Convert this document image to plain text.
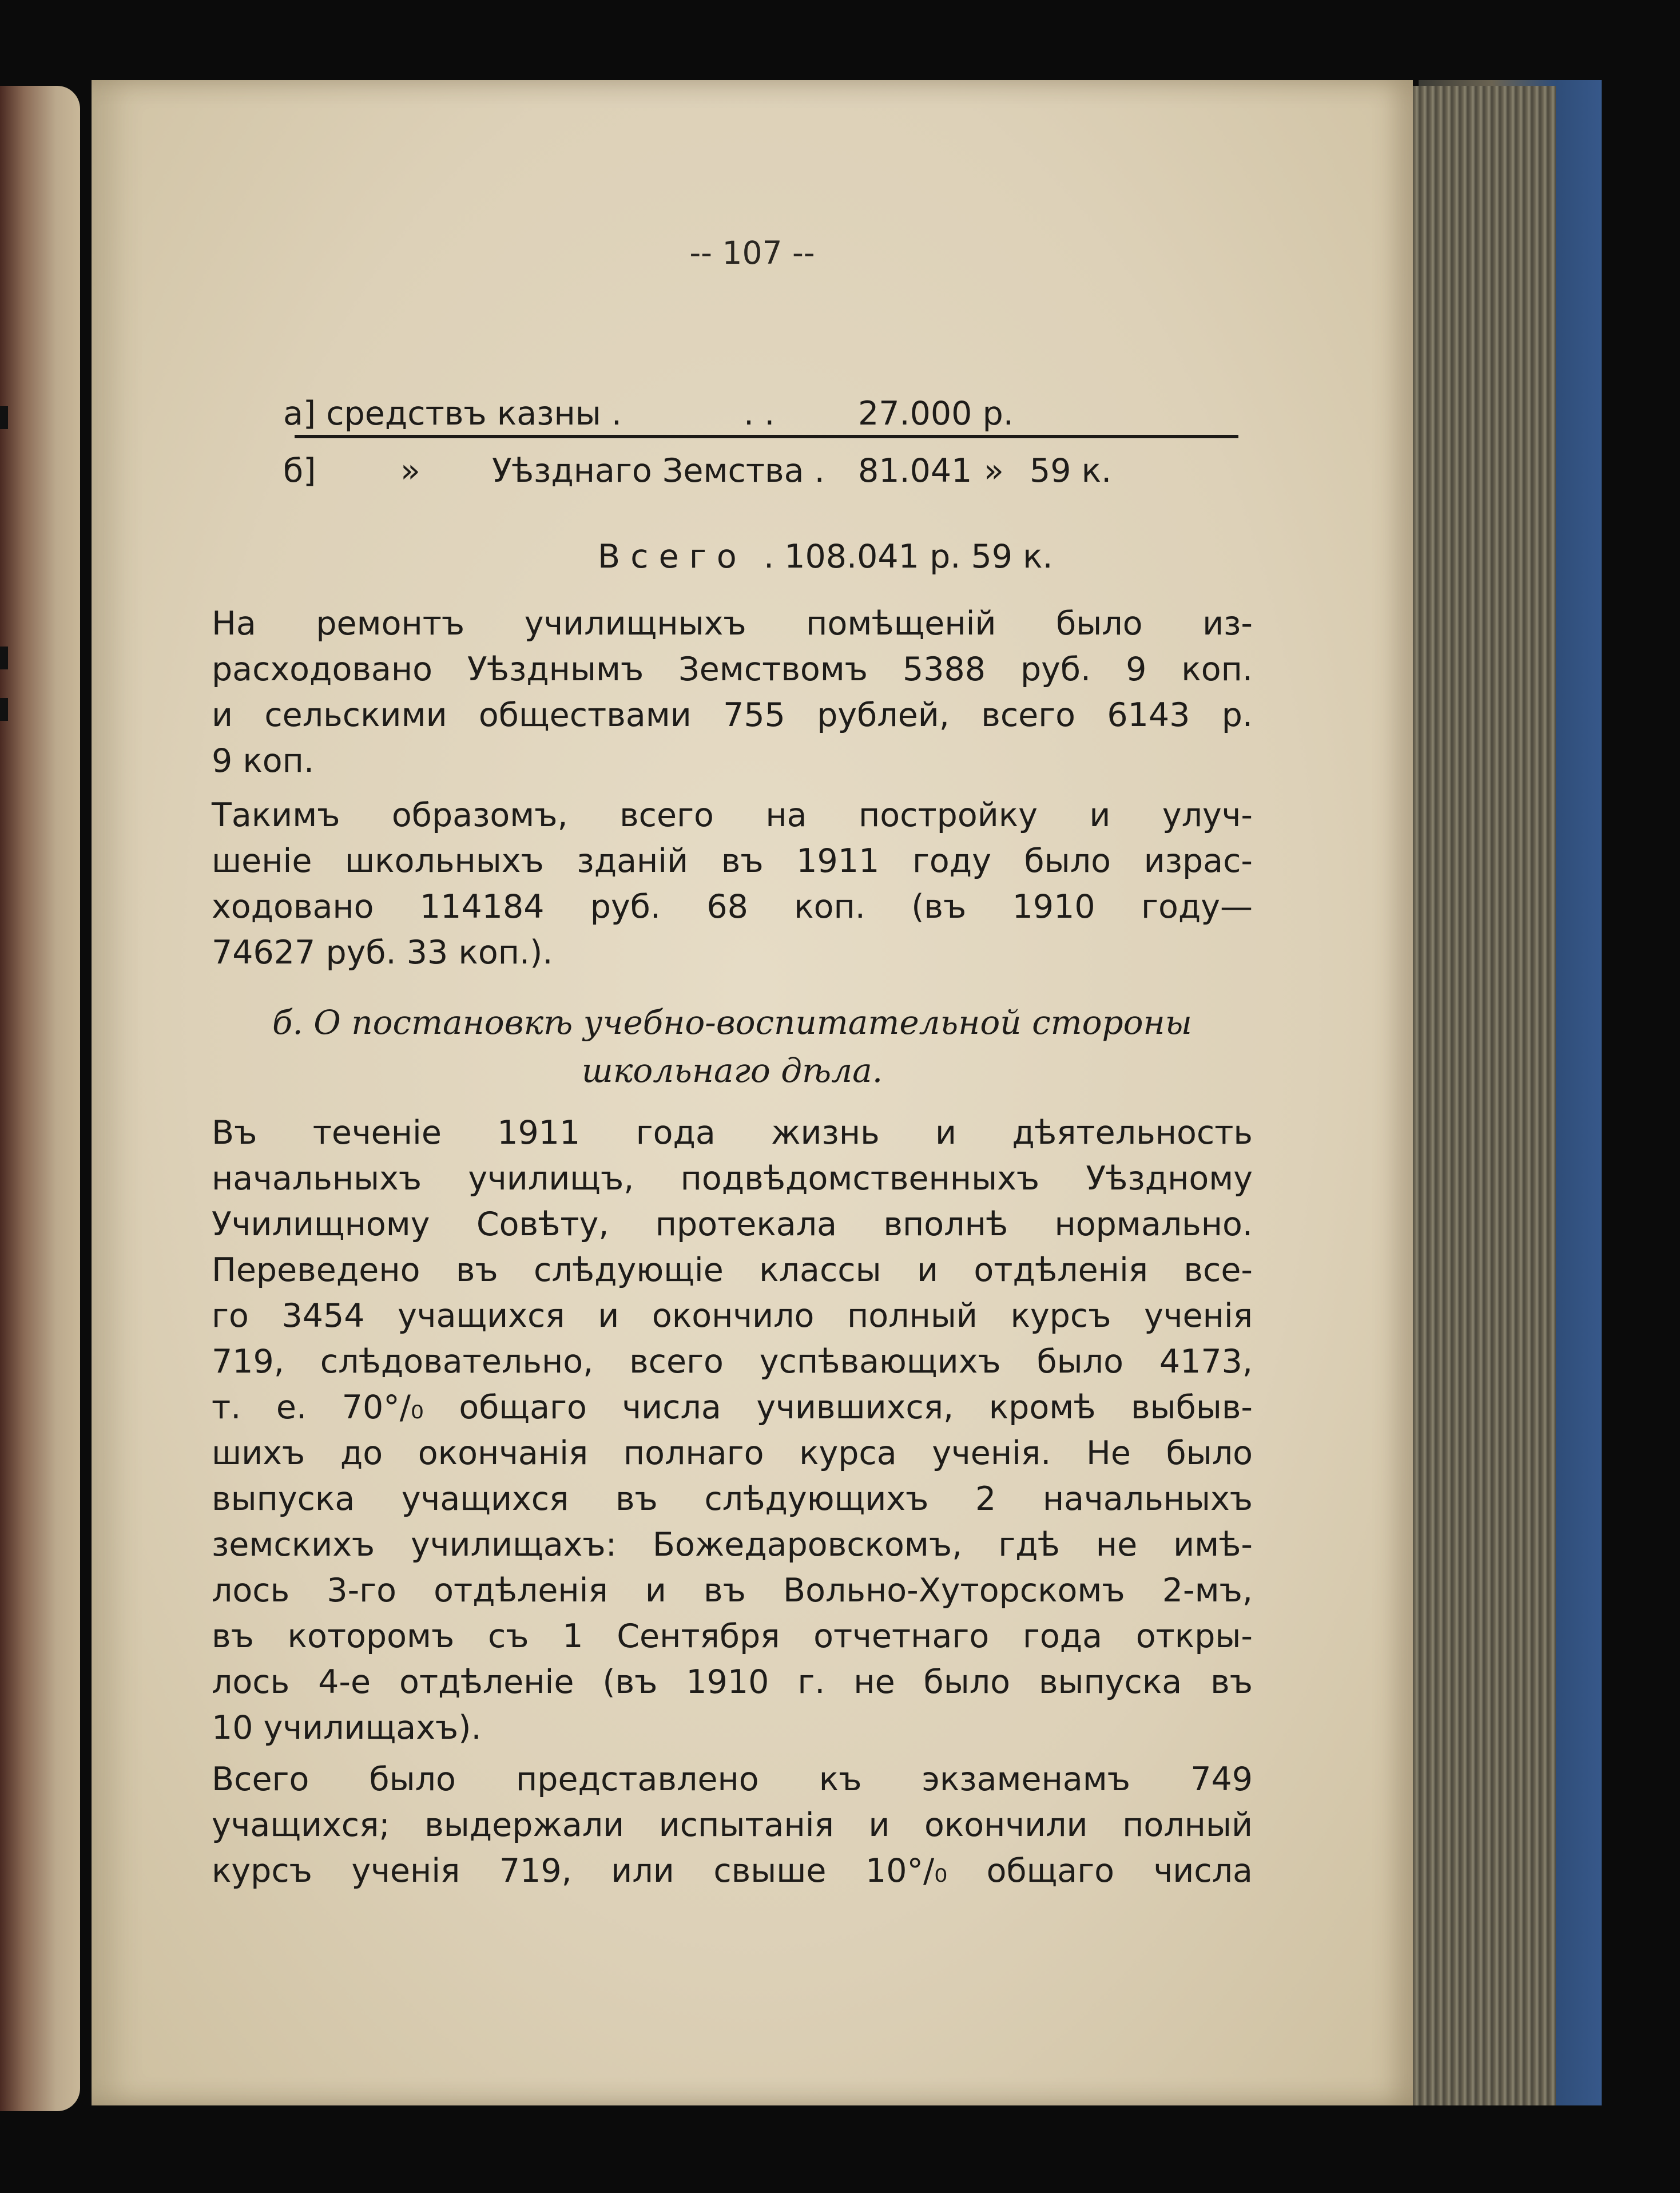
-- 107 --
а] средствъ казны .	. .	27.000 р.
б]	» Уѣзднаго Земства . 81.041 » 59 к.
В с е г о . 108.041 р. 59 к.
На ремонтъ училищныхъ помѣщеній было из-
расходовано Уѣзднымъ Земствомъ 5388 руб. 9 коп.
и сельскими обществами 755 рублей, всего 6143 р.
9 коп.
Такимъ образомъ, всего на постройку и улуч-
шеніе школьныхъ зданій въ 1911 году было израс-
ходовано 114184 руб. 68 коп. (въ 1910 году—
74627 руб. 33 коп.).
б. О постановкѣ учебно-воспитательной стороны
школьнаго дѣла.
Въ теченіе 1911 года жизнь и дѣятельность
начальныхъ училищъ, подвѣдомственныхъ Уѣздному
Училищному Совѣту, протекала вполнѣ нормально.
Переведено въ слѣдующіе классы и отдѣленія все-
го 3454 учащихся и окончило полный курсъ ученія
719, слѣдовательно, всего успѣвающихъ было 4173,
т. е. 70°/₀ общаго числа учившихся, кромѣ выбыв-
шихъ до окончанія полнаго курса ученія. Не было
выпуска учащихся въ слѣдующихъ 2 начальныхъ
земскихъ училищахъ: Божедаровскомъ, гдѣ не имѣ-
лось 3-го отдѣленія и въ Вольно-Хуторскомъ 2-мъ,
въ которомъ съ 1 Сентября отчетнаго года откры-
лось 4-е отдѣленіе (въ 1910 г. не было выпуска въ
10 училищахъ).
Всего было представлено къ экзаменамъ 749
учащихся; выдержали испытанія и окончили полный
курсъ ученія 719, или свыше 10°/₀ общаго числа
